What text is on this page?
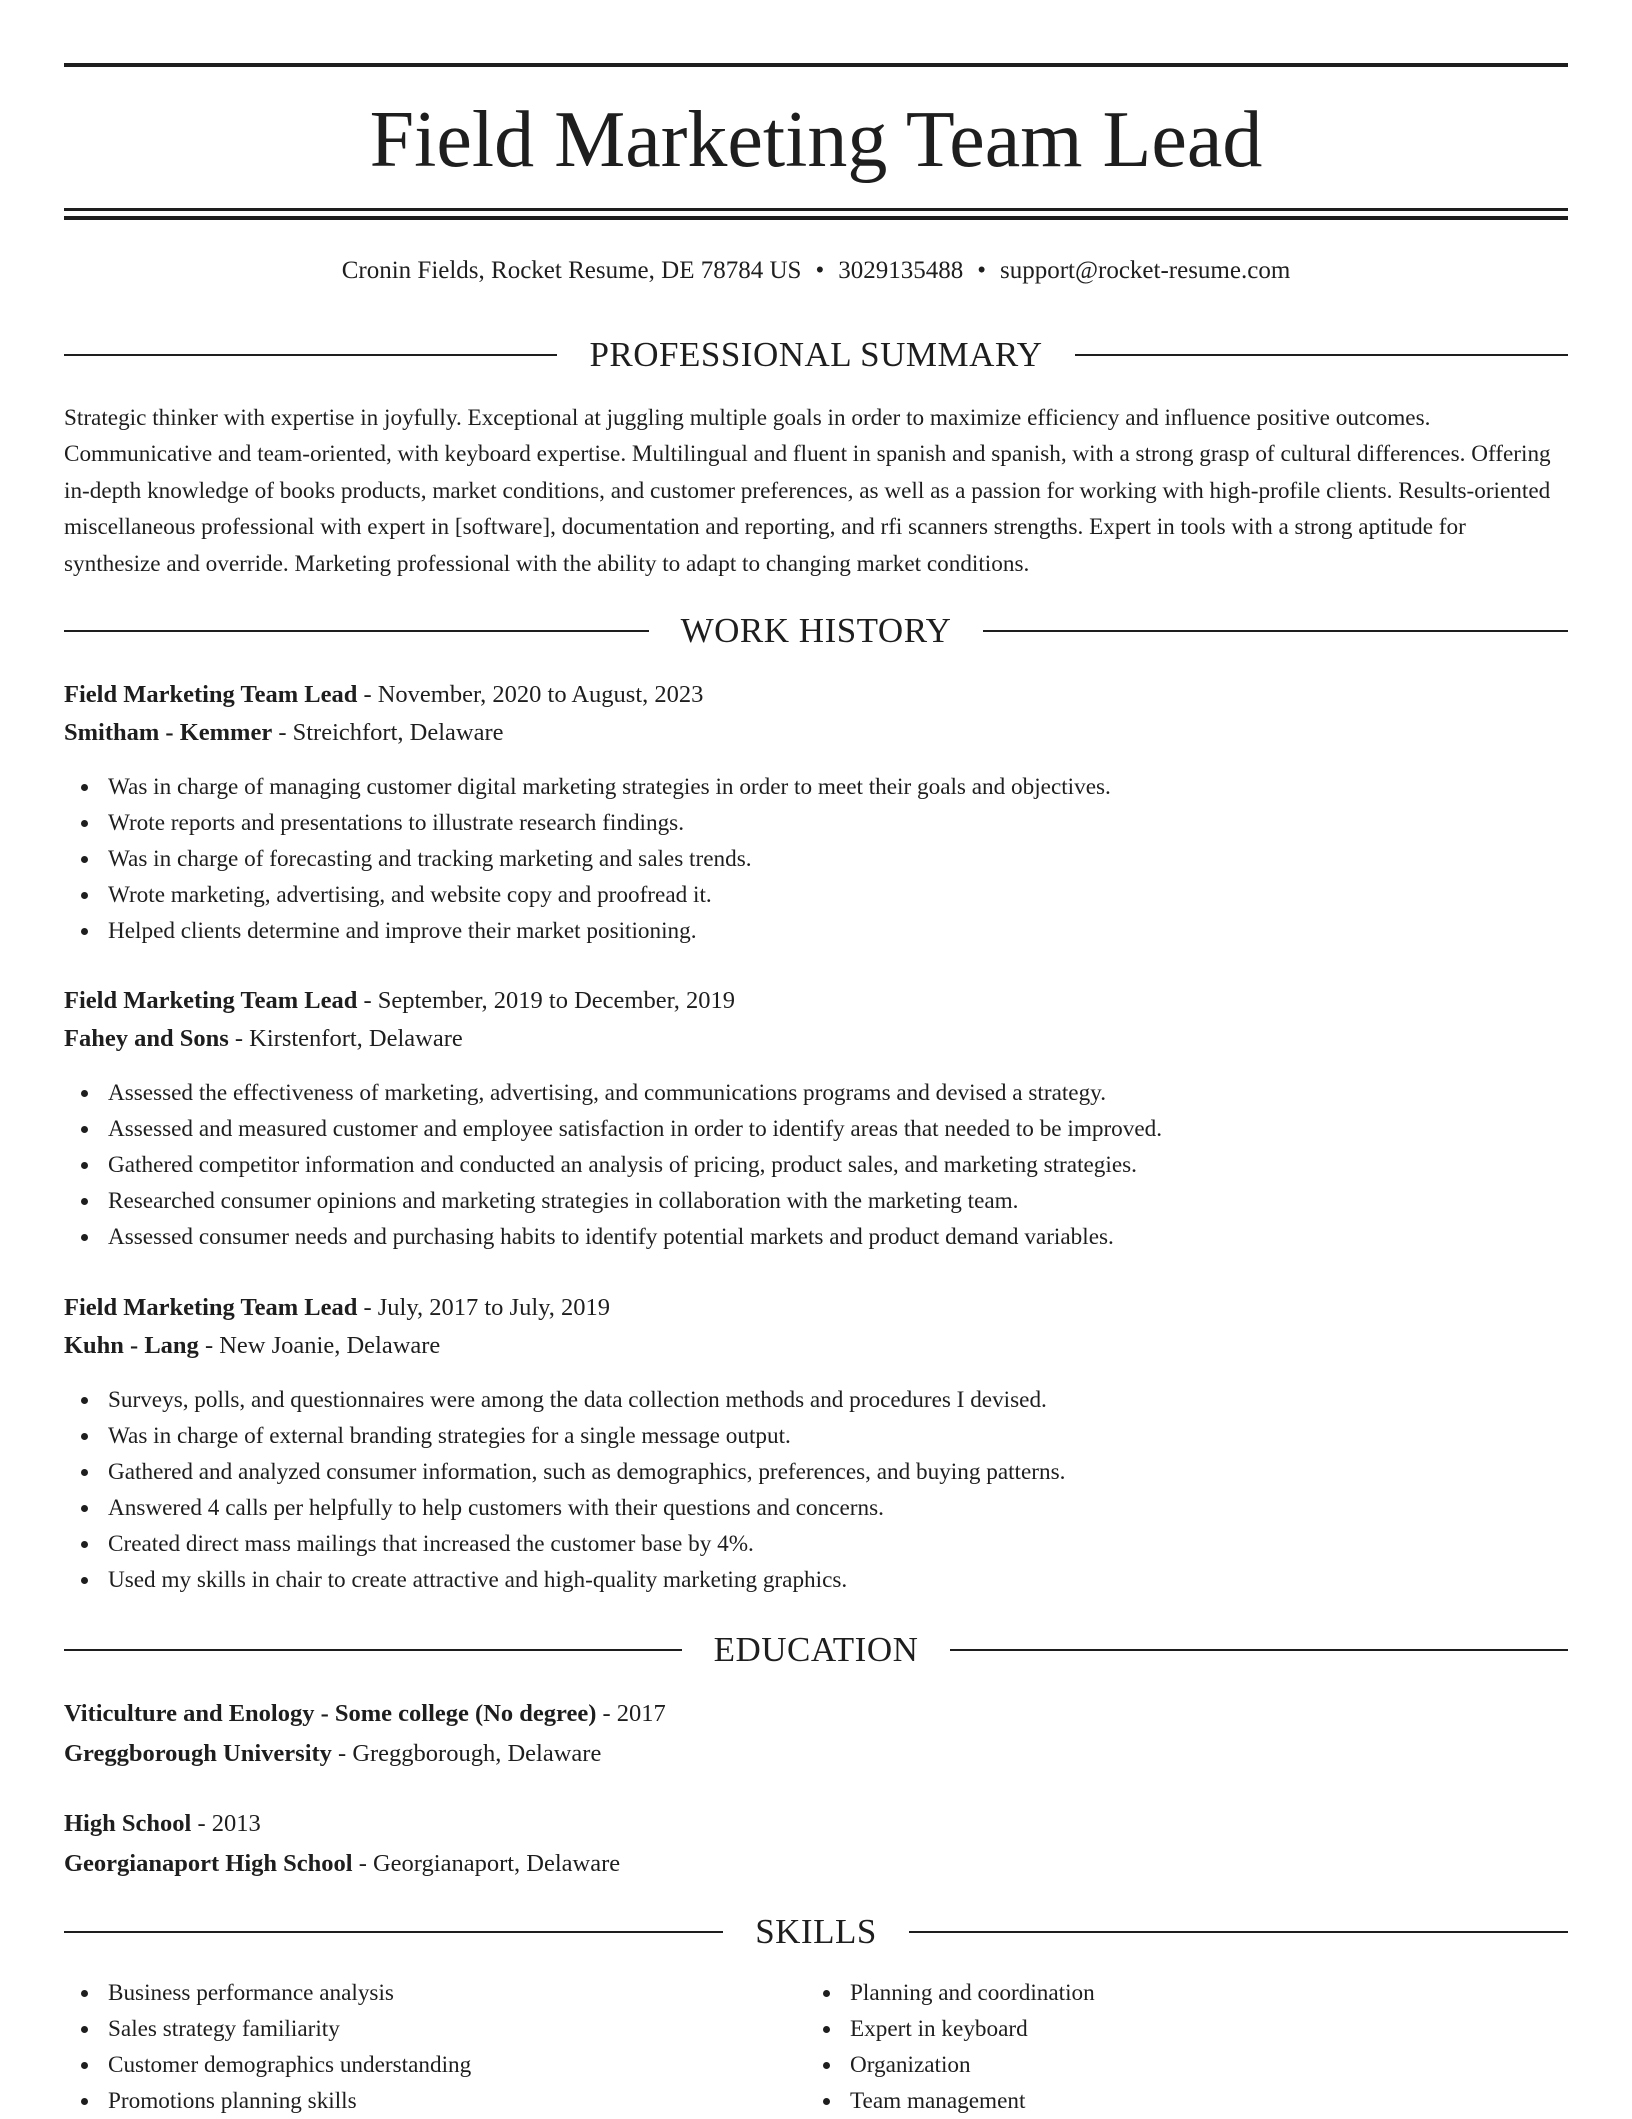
Field Marketing Team Lead
Cronin Fields, Rocket Resume, DE 78784 US • 3029135488 • support@rocket-resume.com
PROFESSIONAL SUMMARY

Strategic thinker with expertise in joyfully. Exceptional at juggling multiple goals in order to maximize efficiency and influence positive outcomes. Communicative and team-oriented, with keyboard expertise. Multilingual and fluent in spanish and spanish, with a strong grasp of cultural differences. Offering in-depth knowledge of books products, market conditions, and customer preferences, as well as a passion for working with high-profile clients. Results-oriented miscellaneous professional with expert in [software], documentation and reporting, and rfi scanners strengths. Expert in tools with a strong aptitude for synthesize and override. Marketing professional with the ability to adapt to changing market conditions.

WORK HISTORY
Field Marketing Team Lead - November, 2020 to August, 2023
Smitham - Kemmer - Streichfort, Delaware
Was in charge of managing customer digital marketing strategies in order to meet their goals and objectives.
Wrote reports and presentations to illustrate research findings.
Was in charge of forecasting and tracking marketing and sales trends.
Wrote marketing, advertising, and website copy and proofread it.
Helped clients determine and improve their market positioning.
Field Marketing Team Lead - September, 2019 to December, 2019
Fahey and Sons - Kirstenfort, Delaware
Assessed the effectiveness of marketing, advertising, and communications programs and devised a strategy.
Assessed and measured customer and employee satisfaction in order to identify areas that needed to be improved.
Gathered competitor information and conducted an analysis of pricing, product sales, and marketing strategies.
Researched consumer opinions and marketing strategies in collaboration with the marketing team.
Assessed consumer needs and purchasing habits to identify potential markets and product demand variables.
Field Marketing Team Lead - July, 2017 to July, 2019
Kuhn - Lang - New Joanie, Delaware
Surveys, polls, and questionnaires were among the data collection methods and procedures I devised.
Was in charge of external branding strategies for a single message output.
Gathered and analyzed consumer information, such as demographics, preferences, and buying patterns.
Answered 4 calls per helpfully to help customers with their questions and concerns.
Created direct mass mailings that increased the customer base by 4%.
Used my skills in chair to create attractive and high-quality marketing graphics.
EDUCATION
Viticulture and Enology - Some college (No degree) - 2017
Greggborough University - Greggborough, Delaware
High School - 2013
Georgianaport High School - Georgianaport, Delaware
SKILLS
Business performance analysis
Sales strategy familiarity
Customer demographics understanding
Promotions planning skills
Planning and coordination
Expert in keyboard
Organization
Team management
